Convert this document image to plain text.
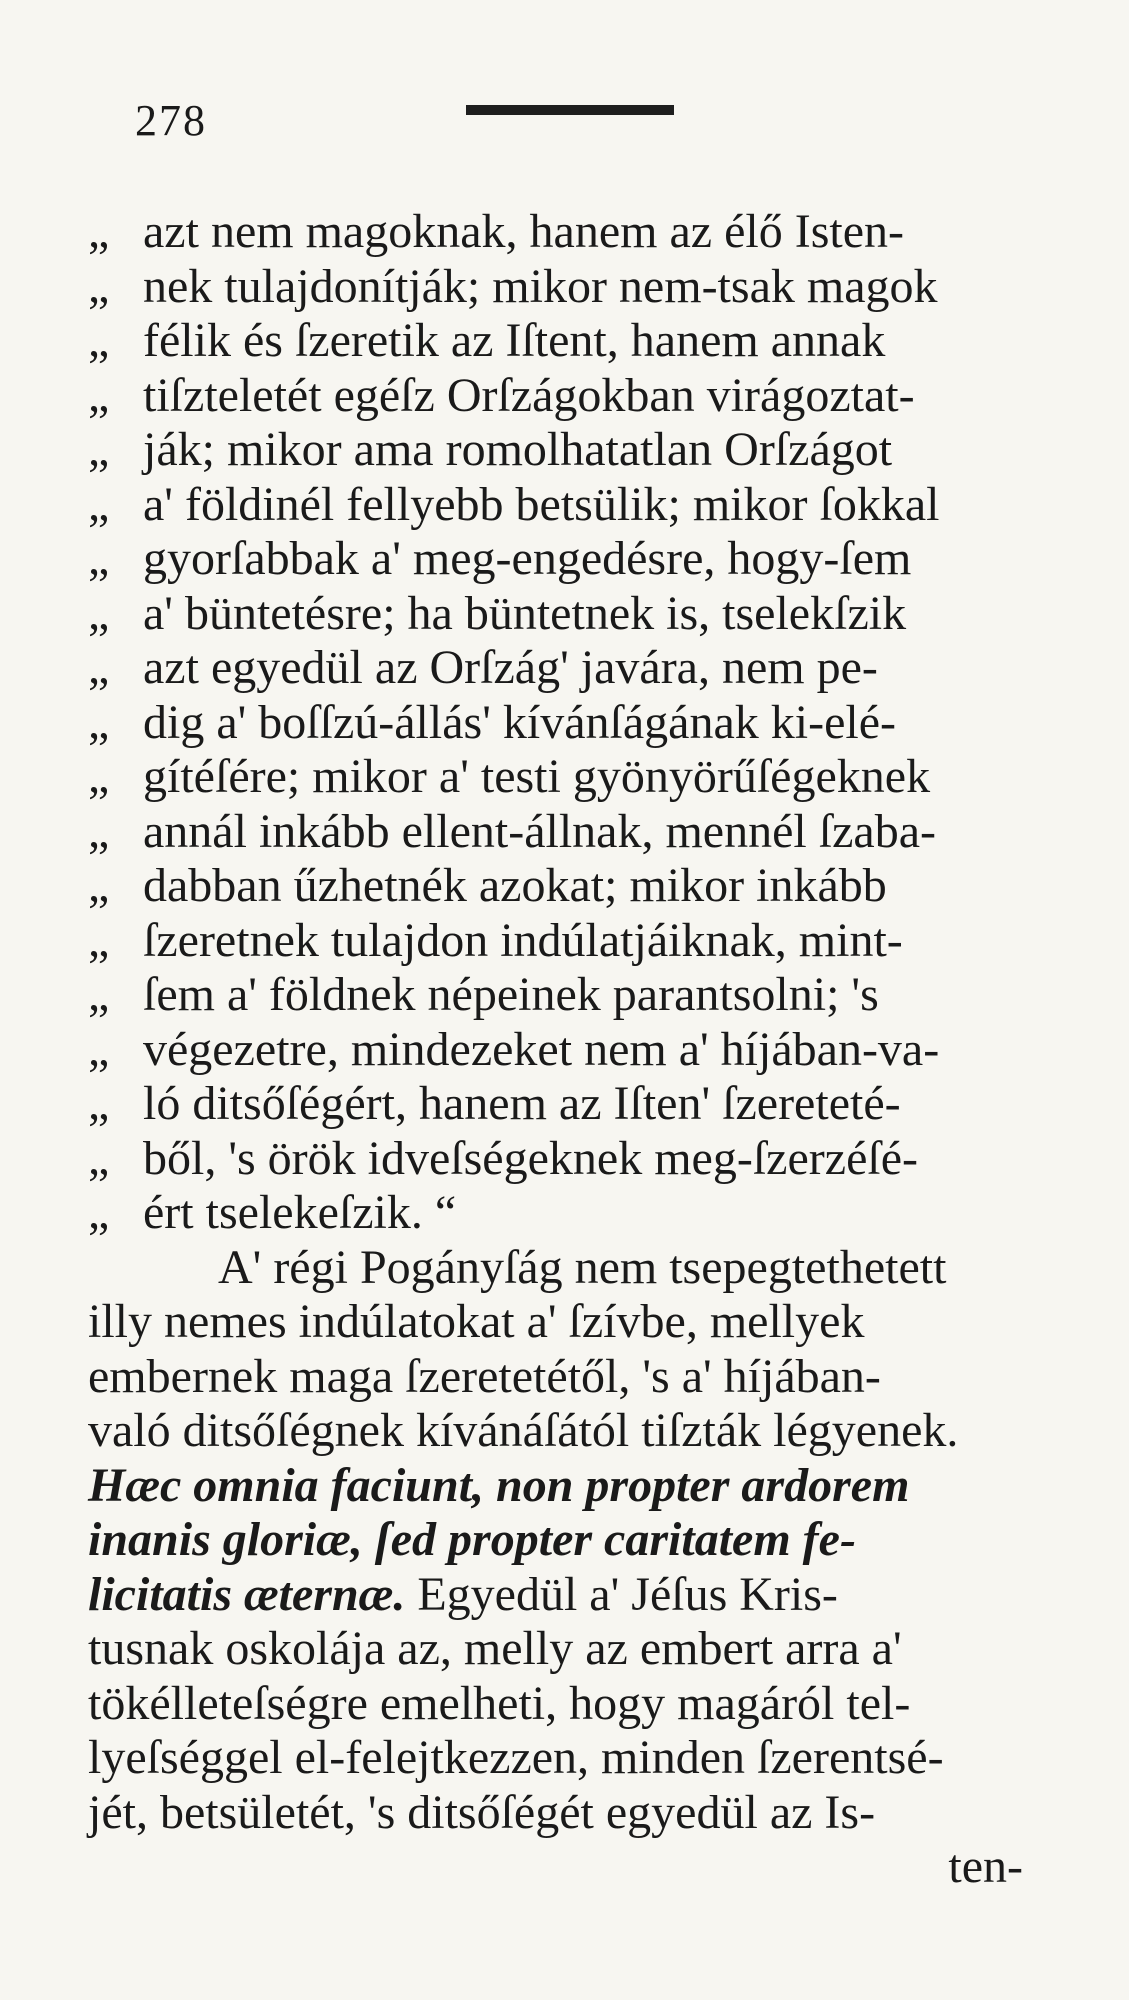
278
„ azt nem magoknak, hanem az élő Isten-
„ nek tulajdonítják; mikor nem-tsak magok
„ félik és ſzeretik az Iſtent, hanem annak
„ tiſzteletét egéſz Orſzágokban virágoztat-
„ ják; mikor ama romolhatatlan Orſzágot
„ a' földinél fellyebb betsülik; mikor ſokkal
„ gyorſabbak a' meg-engedésre, hogy-ſem
„ a' büntetésre; ha büntetnek is, tselekſzik
„ azt egyedül az Orſzág' javára, nem pe-
„ dig a' boſſzú-állás' kívánſágának ki-elé-
„ gítéſére; mikor a' testi gyönyörűſégeknek
„ annál inkább ellent-állnak, mennél ſzaba-
„ dabban űzhetnék azokat; mikor inkább
„ ſzeretnek tulajdon indúlatjáiknak, mint-
„ ſem a' földnek népeinek parantsolni; 's
„ végezetre, mindezeket nem a' híjában-va-
„ ló ditsőſégért, hanem az Iſten' ſzereteté-
„ ből, 's örök idveſségeknek meg-ſzerzéſé-
„ ért tselekeſzik. “
A' régi Pogányſág nem tsepegtethetett
illy nemes indúlatokat a' ſzívbe, mellyek
embernek maga ſzeretetétől, 's a' híjában-
való ditsőſégnek kívánáſától tiſzták légyenek.
Hæc omnia faciunt, non propter ardorem
inanis gloriæ, ſed propter caritatem fe-
licitatis æternæ. Egyedül a' Jéſus Kris-
tusnak oskolája az, melly az embert arra a'
tökélleteſségre emelheti, hogy magáról tel-
lyeſséggel el-felejtkezzen, minden ſzerentsé-
jét, betsületét, 's ditsőſégét egyedül az Is-
ten-
